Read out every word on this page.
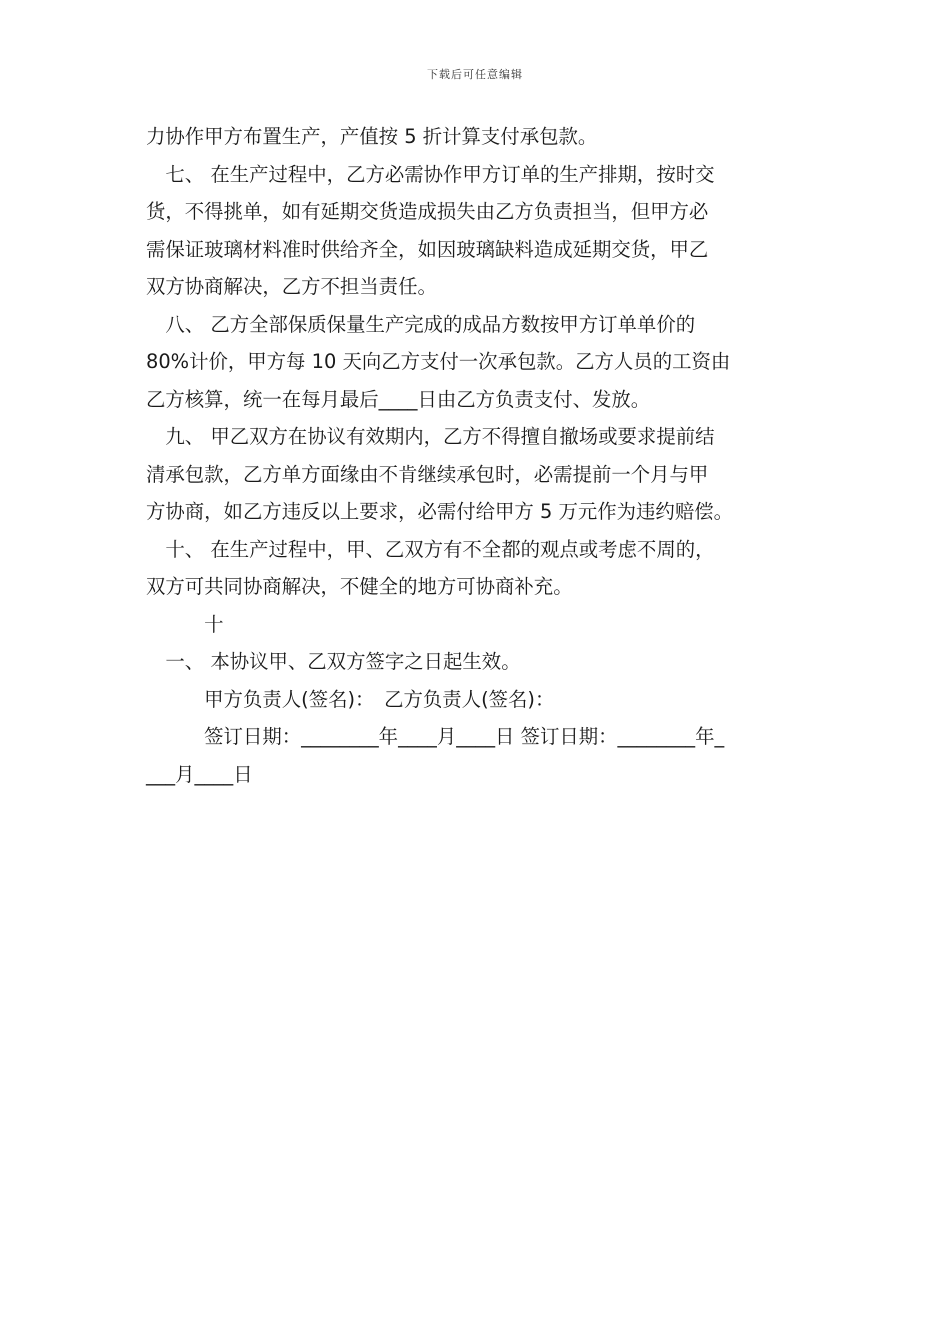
下载后可任意编辑
力协作甲方布置生产，产值按 5 折计算支付承包款。
　七、 在生产过程中，乙方必需协作甲方订单的生产排期，按时交
货，不得挑单，如有延期交货造成损失由乙方负责担当，但甲方必
需保证玻璃材料准时供给齐全，如因玻璃缺料造成延期交货，甲乙
双方协商解决，乙方不担当责任。
　八、 乙方全部保质保量生产完成的成品方数按甲方订单单价的
80%计价，甲方每 10 天向乙方支付一次承包款。乙方人员的工资由
乙方核算，统一在每月最后____日由乙方负责支付、发放。
　九、 甲乙双方在协议有效期内，乙方不得擅自撤场或要求提前结
清承包款，乙方单方面缘由不肯继续承包时，必需提前一个月与甲
方协商，如乙方违反以上要求，必需付给甲方 5 万元作为违约赔偿。
　十、 在生产过程中，甲、乙双方有不全都的观点或考虑不周的，
双方可共同协商解决，不健全的地方可协商补充。
　　　十
　一、 本协议甲、乙双方签字之日起生效。
　　　甲方负责人(签名)：　乙方负责人(签名)：
　　　签订日期：________年____月____日 签订日期：________年_
___月____日
